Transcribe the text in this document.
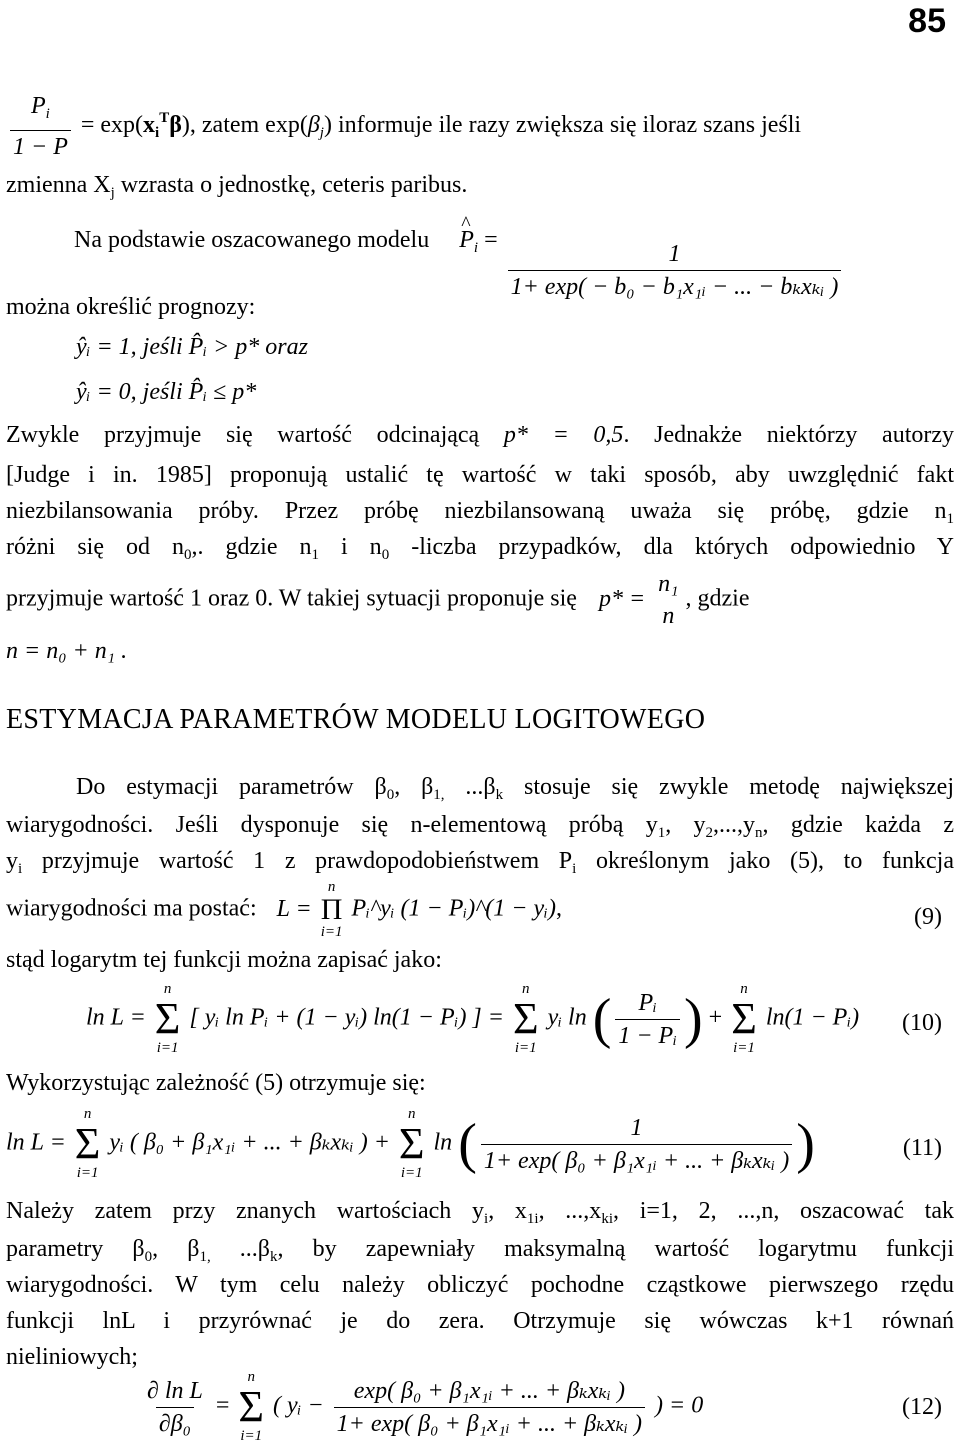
85
$\frac{P_i}{1 - P} = \exp(x_i^T\beta)$, zatem $\exp(\beta_j)$ informuje ile razy zwiększa się iloraz szans jeśli
zmienna $X_j$ wzrasta o jednostkę, ceteris paribus.
Na podstawie oszacowanego modelu ^ $P_i = \frac{1}{\text{1+ exp( − b₀ − b₁x₁ᵢ − ... − bₖxₖᵢ )}}$
można określić prognozy:
ŷᵢ = 1, jeśli P̂ᵢ > p* oraz
ŷᵢ = 0, jeśli P̂ᵢ ≤ p*
Zwykle przyjmuje się wartość odcinającą p* = 0,5. Jednakże niektórzy autorzy
[Judge i in. 1985] proponują ustalić tę wartość w taki sposób, aby uwzględnić fakt
niezbilansowania próby. Przez próbę niezbilansowaną uważa się próbę, gdzie $n_1$
różni się od $n_0$,. gdzie $n_1$ i $n_0$ -liczba przypadków, dla których odpowiednio Y
przyjmuje wartość 1 oraz 0. W takiej sytuacji proponuje się p* =
n₁
n
, gdzie
n = n₀ + n₁ .
ESTYMACJA PARAMETRÓW MODELU LOGITOWEGO
Do estymacji parametrów $\beta_0$, $\beta_{1,}$ $...\beta_k$ stosuje się zwykle metodę największej
wiarygodności. Jeśli dysponuje się n-elementową próbą $y_1$, $y_2,...,y_n$, gdzie każda z
$y_i$ przyjmuje wartość 1 z prawdopodobieństwem $P_i$ określonym jako (5), to funkcja
wiarygodności ma postać: L =
n
Π
i=1
Pᵢ^yᵢ (1 − Pᵢ)^(1 − yᵢ),	(9)
stąd logarytm tej funkcji można zapisać jako:
ln L =
n
Σ
i=1
[ yᵢ ln Pᵢ + (1 − yᵢ) ln(1 − Pᵢ) ] =
n
Σ
i=1
yᵢ ln ( $\frac{\text{Pᵢ}}{\text{1 − Pᵢ}}$ ) +
n
Σ
i=1
ln(1 − Pᵢ) (10)
Wykorzystując zależność (5) otrzymuje się:
ln L =
n
Σ
i=1
yᵢ ( β₀ + β₁x₁ᵢ + ... + βₖxₖᵢ ) +
n
Σ
i=1
ln ( $\frac{1}{\text{1+ exp( β₀ + β₁x₁ᵢ + ... + βₖxₖᵢ )}}$ )	(11)
Należy zatem przy znanych wartościach $y_i$, $x_{1i}$, $...,x_{ki}$, i=1, 2, ...,n, oszacować tak
parametry $\beta_0$, $\beta_{1,}$ $...\beta_k$, by zapewniały maksymalną wartość logarytmu funkcji
wiarygodności. W tym celu należy obliczyć pochodne cząstkowe pierwszego rzędu
funkcji lnL i przyrównać je do zera. Otrzymuje się wówczas k+1 równań
nieliniowych;
$\frac{\text{∂ ln L}}{\text{∂β₀}}$ =
n
Σ
i=1
( yᵢ − $\frac{\text{exp( β₀ + β₁x₁ᵢ + ... + βₖxₖᵢ )}}{\text{1+ exp( β₀ + β₁x₁ᵢ + ... + βₖxₖᵢ )}}$ ) = 0	(12)
